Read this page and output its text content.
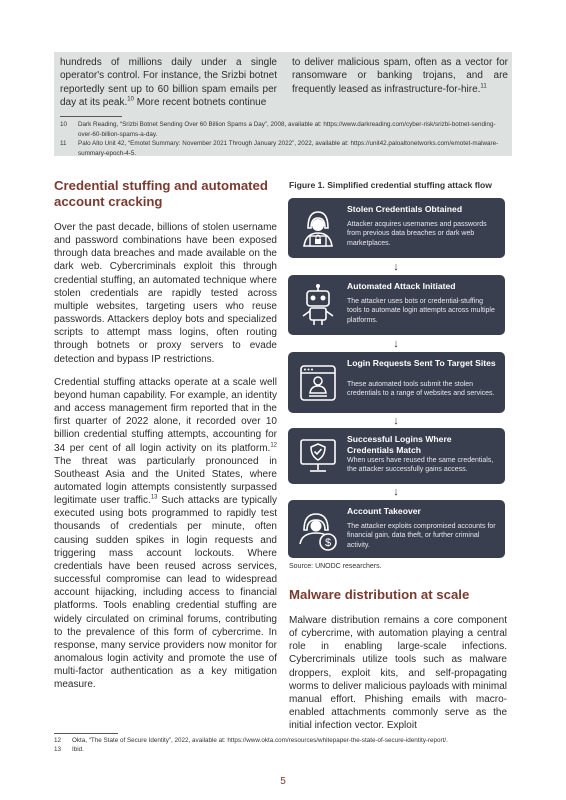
hundreds of millions daily under a single operator's control. For instance, the Srizbi botnet reportedly sent up to 60 billion spam emails per day at its peak.$^{10}$ More recent botnets continue
to deliver malicious spam, often as a vector for ransomware or banking trojans, and are frequently leased as infrastructure-for-hire.$^{11}$
10	Dark Reading, “Srizbi Botnet Sending Over 60 Billion Spams a Day”, 2008, available at: https://www.darkreading.com/cyber-risk/srizbi-botnet-sending-over-60-billion-spams-a-day.
11	Palo Alto Unit 42, “Emotet Summary: November 2021 Through January 2022”, 2022, available at: https://unit42.paloaltonetworks.com/emotet-malware-summary-epoch-4-5.
Credential stuffing and automated account cracking

Over the past decade, billions of stolen username and password combinations have been exposed through data breaches and made available on the dark web. Cybercriminals exploit this through credential stuffing, an automated technique where stolen credentials are rapidly tested across multiple websites, targeting users who reuse passwords. Attackers deploy bots and specialized scripts to attempt mass logins, often routing through botnets or proxy servers to evade detection and bypass IP restrictions.

Credential stuffing attacks operate at a scale well beyond human capability. For example, an identity and access management firm reported that in the first quarter of 2022 alone, it recorded over 10 billion credential stuffing attempts, accounting for 34 per cent of all login activity on its platform.$^{12}$ The threat was particularly pronounced in Southeast Asia and the United States, where automated login attempts consistently surpassed legitimate user traffic.$^{13}$ Such attacks are typically executed using bots programmed to rapidly test thousands of credentials per minute, often causing sudden spikes in login requests and triggering mass account lockouts. Where credentials have been reused across services, successful compromise can lead to widespread account hijacking, including access to financial platforms. Tools enabling credential stuffing are widely circulated on criminal forums, contributing to the prevalence of this form of cybercrime. In response, many service providers now monitor for anomalous login activity and promote the use of multi-factor authentication as a key mitigation measure.

Figure 1. Simplified credential stuffing attack flow
Stolen Credentials Obtained
Attacker acquires usernames and passwords from previous data breaches or dark web marketplaces.
↓
Automated Attack Initiated
The attacker uses bots or credential-stuffing tools to automate login attempts across multiple platforms.
↓
Login Requests Sent To Target Sites
These automated tools submit the stolen credentials to a range of websites and services.
↓
Successful Logins Where Credentials Match
When users have reused the same credentials, the attacker successfully gains access.
↓
$
Account Takeover
The attacker exploits compromised accounts for financial gain, data theft, or further criminal activity.
Source: UNODC researchers.
Malware distribution at scale

Malware distribution remains a core component of cybercrime, with automation playing a central role in enabling large-scale infections. Cybercriminals utilize tools such as malware droppers, exploit kits, and self-propagating worms to deliver malicious payloads with minimal manual effort. Phishing emails with macro-enabled attachments commonly serve as the initial infection vector. Exploit

12	Okta, “The State of Secure Identity”, 2022, available at: https://www.okta.com/resources/whitepaper-the-state-of-secure-identity-report/.
13	Ibid.
5
